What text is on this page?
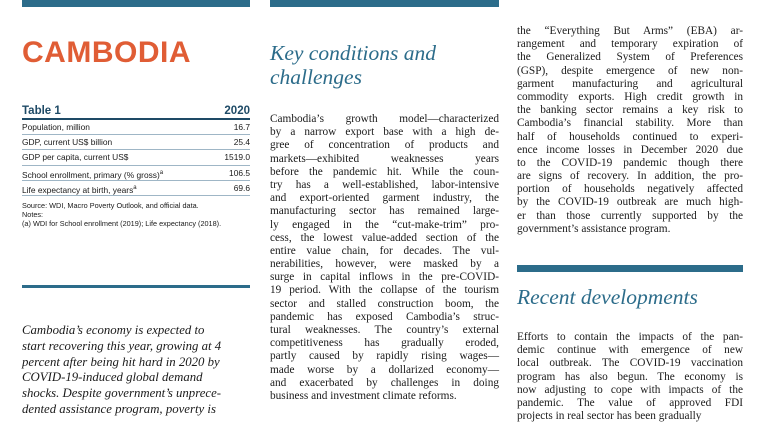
CAMBODIA
Table 1	2020
Population, million	16.7
GDP, current US$ billion	25.4
GDP per capita, current US$	1519.0
School enrollment, primary (% gross)$^a$	106.5
Life expectancy at birth, years$^a$	69.6
Source: WDI, Macro Poverty Outlook, and official data.
Notes:
(a) WDI for School enrollment (2019); Life expectancy (2018).
Cambodia’s economy is expected to
start recovering this year, growing at 4
percent after being hit hard in 2020 by
COVID-19-induced global demand
shocks. Despite government’s unprece-
dented assistance program, poverty is
Key conditions and
challenges
Cambodia’s growth model—characterized
by a narrow export base with a high de-
gree of concentration of products and
markets—exhibited weaknesses years
before the pandemic hit. While the coun-
try has a well-established, labor-intensive
and export-oriented garment industry, the
manufacturing sector has remained large-
ly engaged in the “cut-make-trim” pro-
cess, the lowest value-added section of the
entire value chain, for decades. The vul-
nerabilities, however, were masked by a
surge in capital inflows in the pre-COVID-
19 period. With the collapse of the tourism
sector and stalled construction boom, the
pandemic has exposed Cambodia’s struc-
tural weaknesses. The country’s external
competitiveness has gradually eroded,
partly caused by rapidly rising wages—
made worse by a dollarized economy—
and exacerbated by challenges in doing
business and investment climate reforms.
the “Everything But Arms” (EBA) ar-
rangement and temporary expiration of
the Generalized System of Preferences
(GSP), despite emergence of new non-
garment manufacturing and agricultural
commodity exports. High credit growth in
the banking sector remains a key risk to
Cambodia’s financial stability. More than
half of households continued to experi-
ence income losses in December 2020 due
to the COVID-19 pandemic though there
are signs of recovery. In addition, the pro-
portion of households negatively affected
by the COVID-19 outbreak are much high-
er than those currently supported by the
government’s assistance program.
Recent developments
Efforts to contain the impacts of the pan-
demic continue with emergence of new
local outbreak. The COVID-19 vaccination
program has also begun. The economy is
now adjusting to cope with impacts of the
pandemic. The value of approved FDI
projects in real sector has been gradually
